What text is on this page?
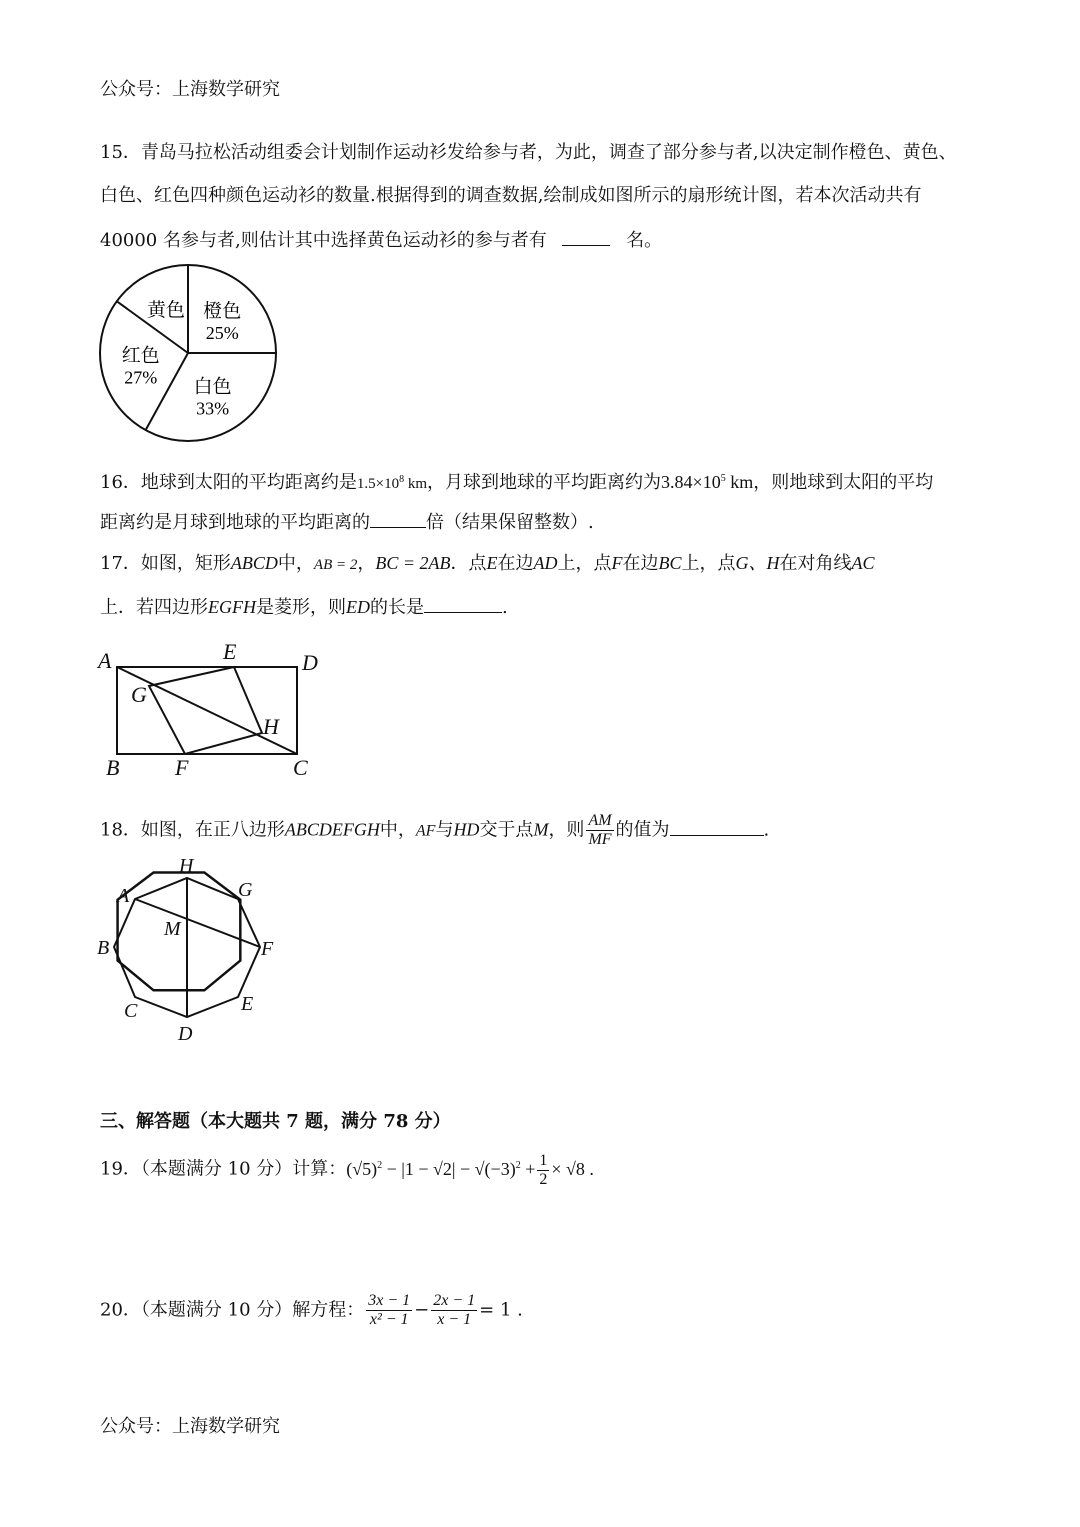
公众号：上海数学研究
15．青岛马拉松活动组委会计划制作运动衫发给参与者，为此，调查了部分参与者,以决定制作橙色、黄色、
白色、红色四种颜色运动衫的数量.根据得到的调查数据,绘制成如图所示的扇形统计图，若本次活动共有
40000 名参与者,则估计其中选择黄色运动衫的参与者有	名。
橙色
25%
白色
33%
红色
27%
黄色
16．地球到太阳的平均距离约是$1.5\times 10^8$ km，月球到地球的平均距离约为$3.84\times 10^5$ km，则地球到太阳的平均
距离约是月球到地球的平均距离的	倍（结果保留整数）.
17．如图，矩形ABCD中，AB = 2，BC = 2AB．点E在边AD上，点F在边BC上，点G、H在对角线AC
上．若四边形EGFH是菱形，则ED的长是	.
A	E	D
G
H
B	F	C
18．如图，在正八边形ABCDEFGH中，AF与HD交于点M，则 $\frac{AM}{MF}$ 的值为	.
H
G
A
M
B	F
C	E
D
三、解答题（本大题共 7 题，满分 78 分）
19．（本题满分 10 分）计算：$(√5)^2 - |1 - √2| - √(-3)^2 + \frac{1}{2} \times √8$ .
20．（本题满分 10 分）解方程： $\frac{3x - 1}{\text{x² − 1}} - \frac{2x - 1}{x - 1} = 1$ .
公众号：上海数学研究
